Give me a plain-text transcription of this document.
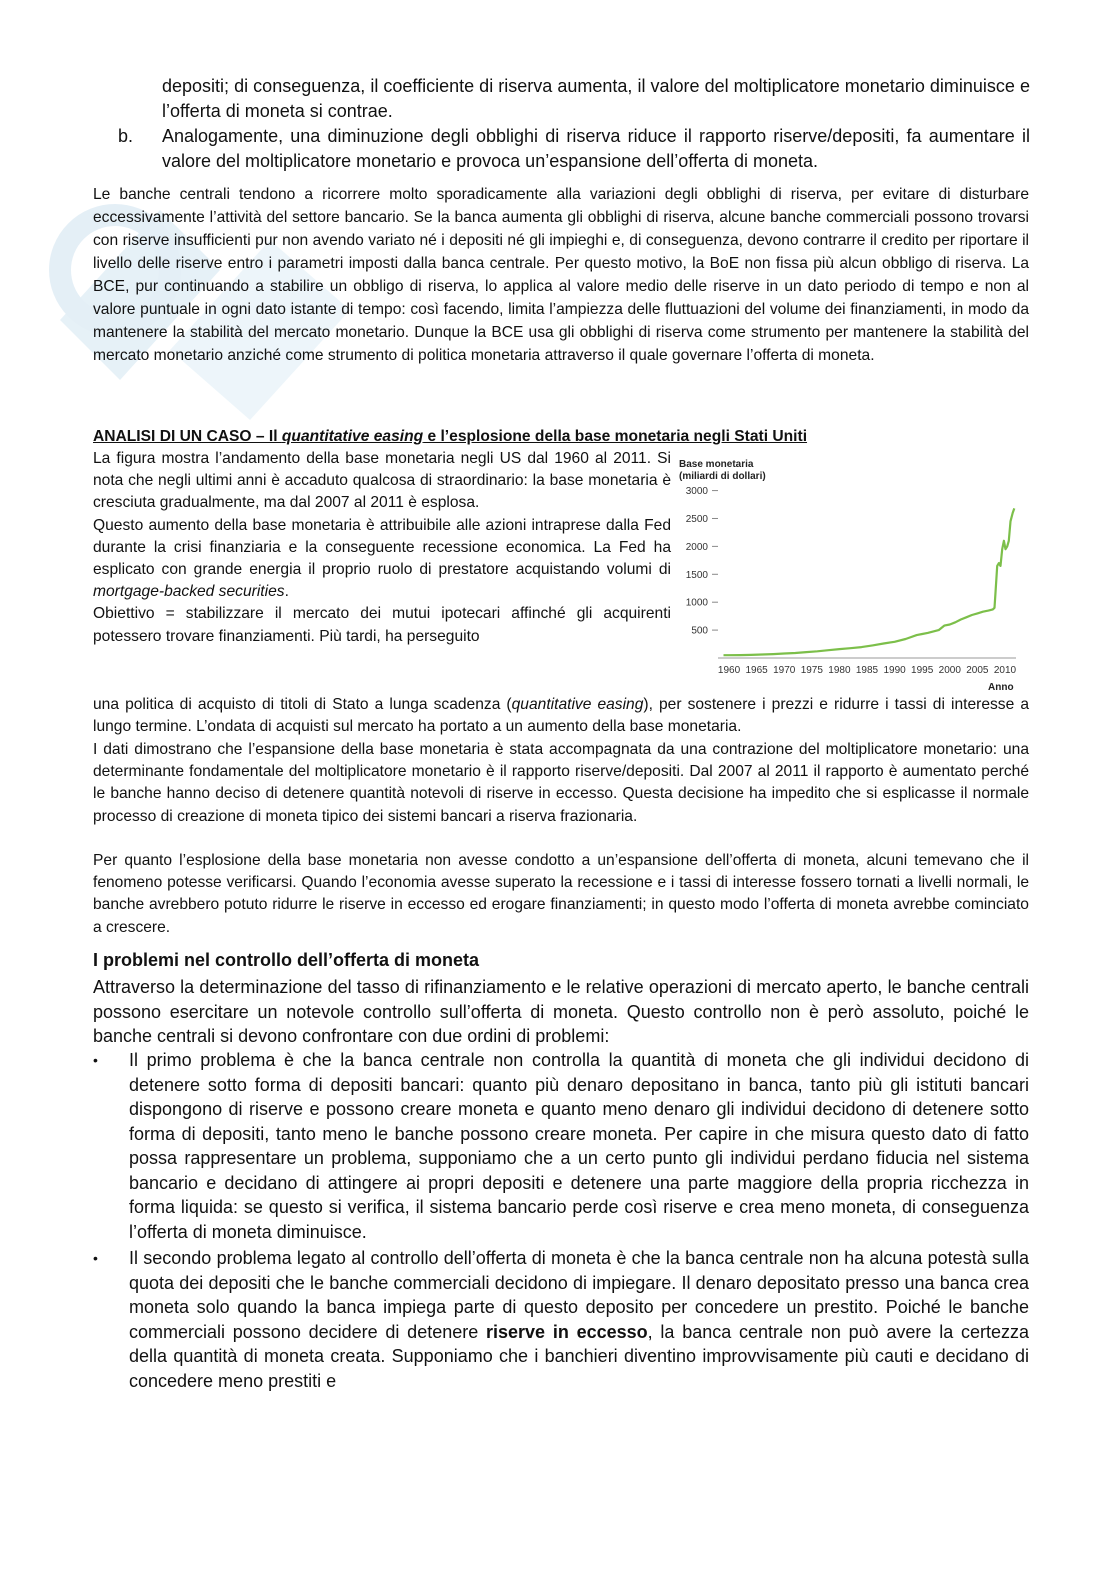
depositi; di conseguenza, il coefficiente di riserva aumenta, il valore del moltiplicatore monetario diminuisce e l’offerta di moneta si contrae.
b.	Analogamente, una diminuzione degli obblighi di riserva riduce il rapporto riserve/depositi, fa aumentare il valore del moltiplicatore monetario e provoca un’espansione dell’offerta di moneta.
Le banche centrali tendono a ricorrere molto sporadicamente alla variazioni degli obblighi di riserva, per evitare di disturbare eccessivamente l’attività del settore bancario. Se la banca aumenta gli obblighi di riserva, alcune banche commerciali possono trovarsi con riserve insufficienti pur non avendo variato né i depositi né gli impieghi e, di conseguenza, devono contrarre il credito per riportare il livello delle riserve entro i parametri imposti dalla banca centrale. Per questo motivo, la BoE non fissa più alcun obbligo di riserva. La BCE, pur continuando a stabilire un obbligo di riserva, lo applica al valore medio delle riserve in un dato periodo di tempo e non al valore puntuale in ogni dato istante di tempo: così facendo, limita l’ampiezza delle fluttuazioni del volume dei finanziamenti, in modo da mantenere la stabilità del mercato monetario. Dunque la BCE usa gli obblighi di riserva come strumento per mantenere la stabilità del mercato monetario anziché come strumento di politica monetaria attraverso il quale governare l’offerta di moneta.
ANALISI DI UN CASO – Il quantitative easing e l’esplosione della base monetaria negli Stati Uniti

La figura mostra l’andamento della base monetaria negli US dal 1960 al 2011. Si nota che negli ultimi anni è accaduto qualcosa di straordinario: la base monetaria è cresciuta gradualmente, ma dal 2007 al 2011 è esplosa.

Questo aumento della base monetaria è attribuibile alle azioni intraprese dalla Fed durante la crisi finanziaria e la conseguente recessione economica. La Fed ha esplicato con grande energia il proprio ruolo di prestatore acquistando volumi di mortgage-backed securities.

Obiettivo = stabilizzare il mercato dei mutui ipotecari affinché gli acquirenti potessero trovare finanziamenti. Più tardi, ha perseguito

Base monetaria
(miliardi di dollari)
500
1000
1500
2000
2500
3000
1960 1965 1970 1975 1980 1985 1990 1995 2000 2005 2010
Anno
una politica di acquisto di titoli di Stato a lunga scadenza (quantitative easing), per sostenere i prezzi e ridurre i tassi di interesse a lungo termine. L’ondata di acquisti sul mercato ha portato a un aumento della base monetaria.
I dati dimostrano che l’espansione della base monetaria è stata accompagnata da una contrazione del moltiplicatore monetario: una determinante fondamentale del moltiplicatore monetario è il rapporto riserve/depositi. Dal 2007 al 2011 il rapporto è aumentato perché le banche hanno deciso di detenere quantità notevoli di riserve in eccesso. Questa decisione ha impedito che si esplicasse il normale processo di creazione di moneta tipico dei sistemi bancari a riserva frazionaria.
Per quanto l’esplosione della base monetaria non avesse condotto a un’espansione dell’offerta di moneta, alcuni temevano che il fenomeno potesse verificarsi. Quando l’economia avesse superato la recessione e i tassi di interesse fossero tornati a livelli normali, le banche avrebbero potuto ridurre le riserve in eccesso ed erogare finanziamenti; in questo modo l’offerta di moneta avrebbe cominciato a crescere.
I problemi nel controllo dell’offerta di moneta
Attraverso la determinazione del tasso di rifinanziamento e le relative operazioni di mercato aperto, le banche centrali possono esercitare un notevole controllo sull’offerta di moneta. Questo controllo non è però assoluto, poiché le banche centrali si devono confrontare con due ordini di problemi:
•	Il primo problema è che la banca centrale non controlla la quantità di moneta che gli individui decidono di detenere sotto forma di depositi bancari: quanto più denaro depositano in banca, tanto più gli istituti bancari dispongono di riserve e possono creare moneta e quanto meno denaro gli individui decidono di detenere sotto forma di depositi, tanto meno le banche possono creare moneta. Per capire in che misura questo dato di fatto possa rappresentare un problema, supponiamo che a un certo punto gli individui perdano fiducia nel sistema bancario e decidano di attingere ai propri depositi e detenere una parte maggiore della propria ricchezza in forma liquida: se questo si verifica, il sistema bancario perde così riserve e crea meno moneta, di conseguenza l’offerta di moneta diminuisce.
•	Il secondo problema legato al controllo dell’offerta di moneta è che la banca centrale non ha alcuna potestà sulla quota dei depositi che le banche commerciali decidono di impiegare. Il denaro depositato presso una banca crea moneta solo quando la banca impiega parte di questo deposito per concedere un prestito. Poiché le banche commerciali possono decidere di detenere riserve in eccesso, la banca centrale non può avere la certezza della quantità di moneta creata. Supponiamo che i banchieri diventino improvvisamente più cauti e decidano di concedere meno prestiti e
